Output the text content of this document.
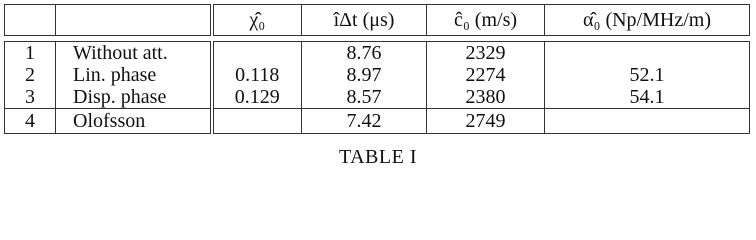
		χ̂₀	îΔt (μs)	ĉ₀ (m/s)	α̂₀ (Np/MHz/m)

1	Without att.		8.76	2329	
2	Lin. phase	0.118	8.97	2274	52.1
3	Disp. phase	0.129	8.57	2380	54.1
4	Olofsson		7.42	2749	
TABLE I
